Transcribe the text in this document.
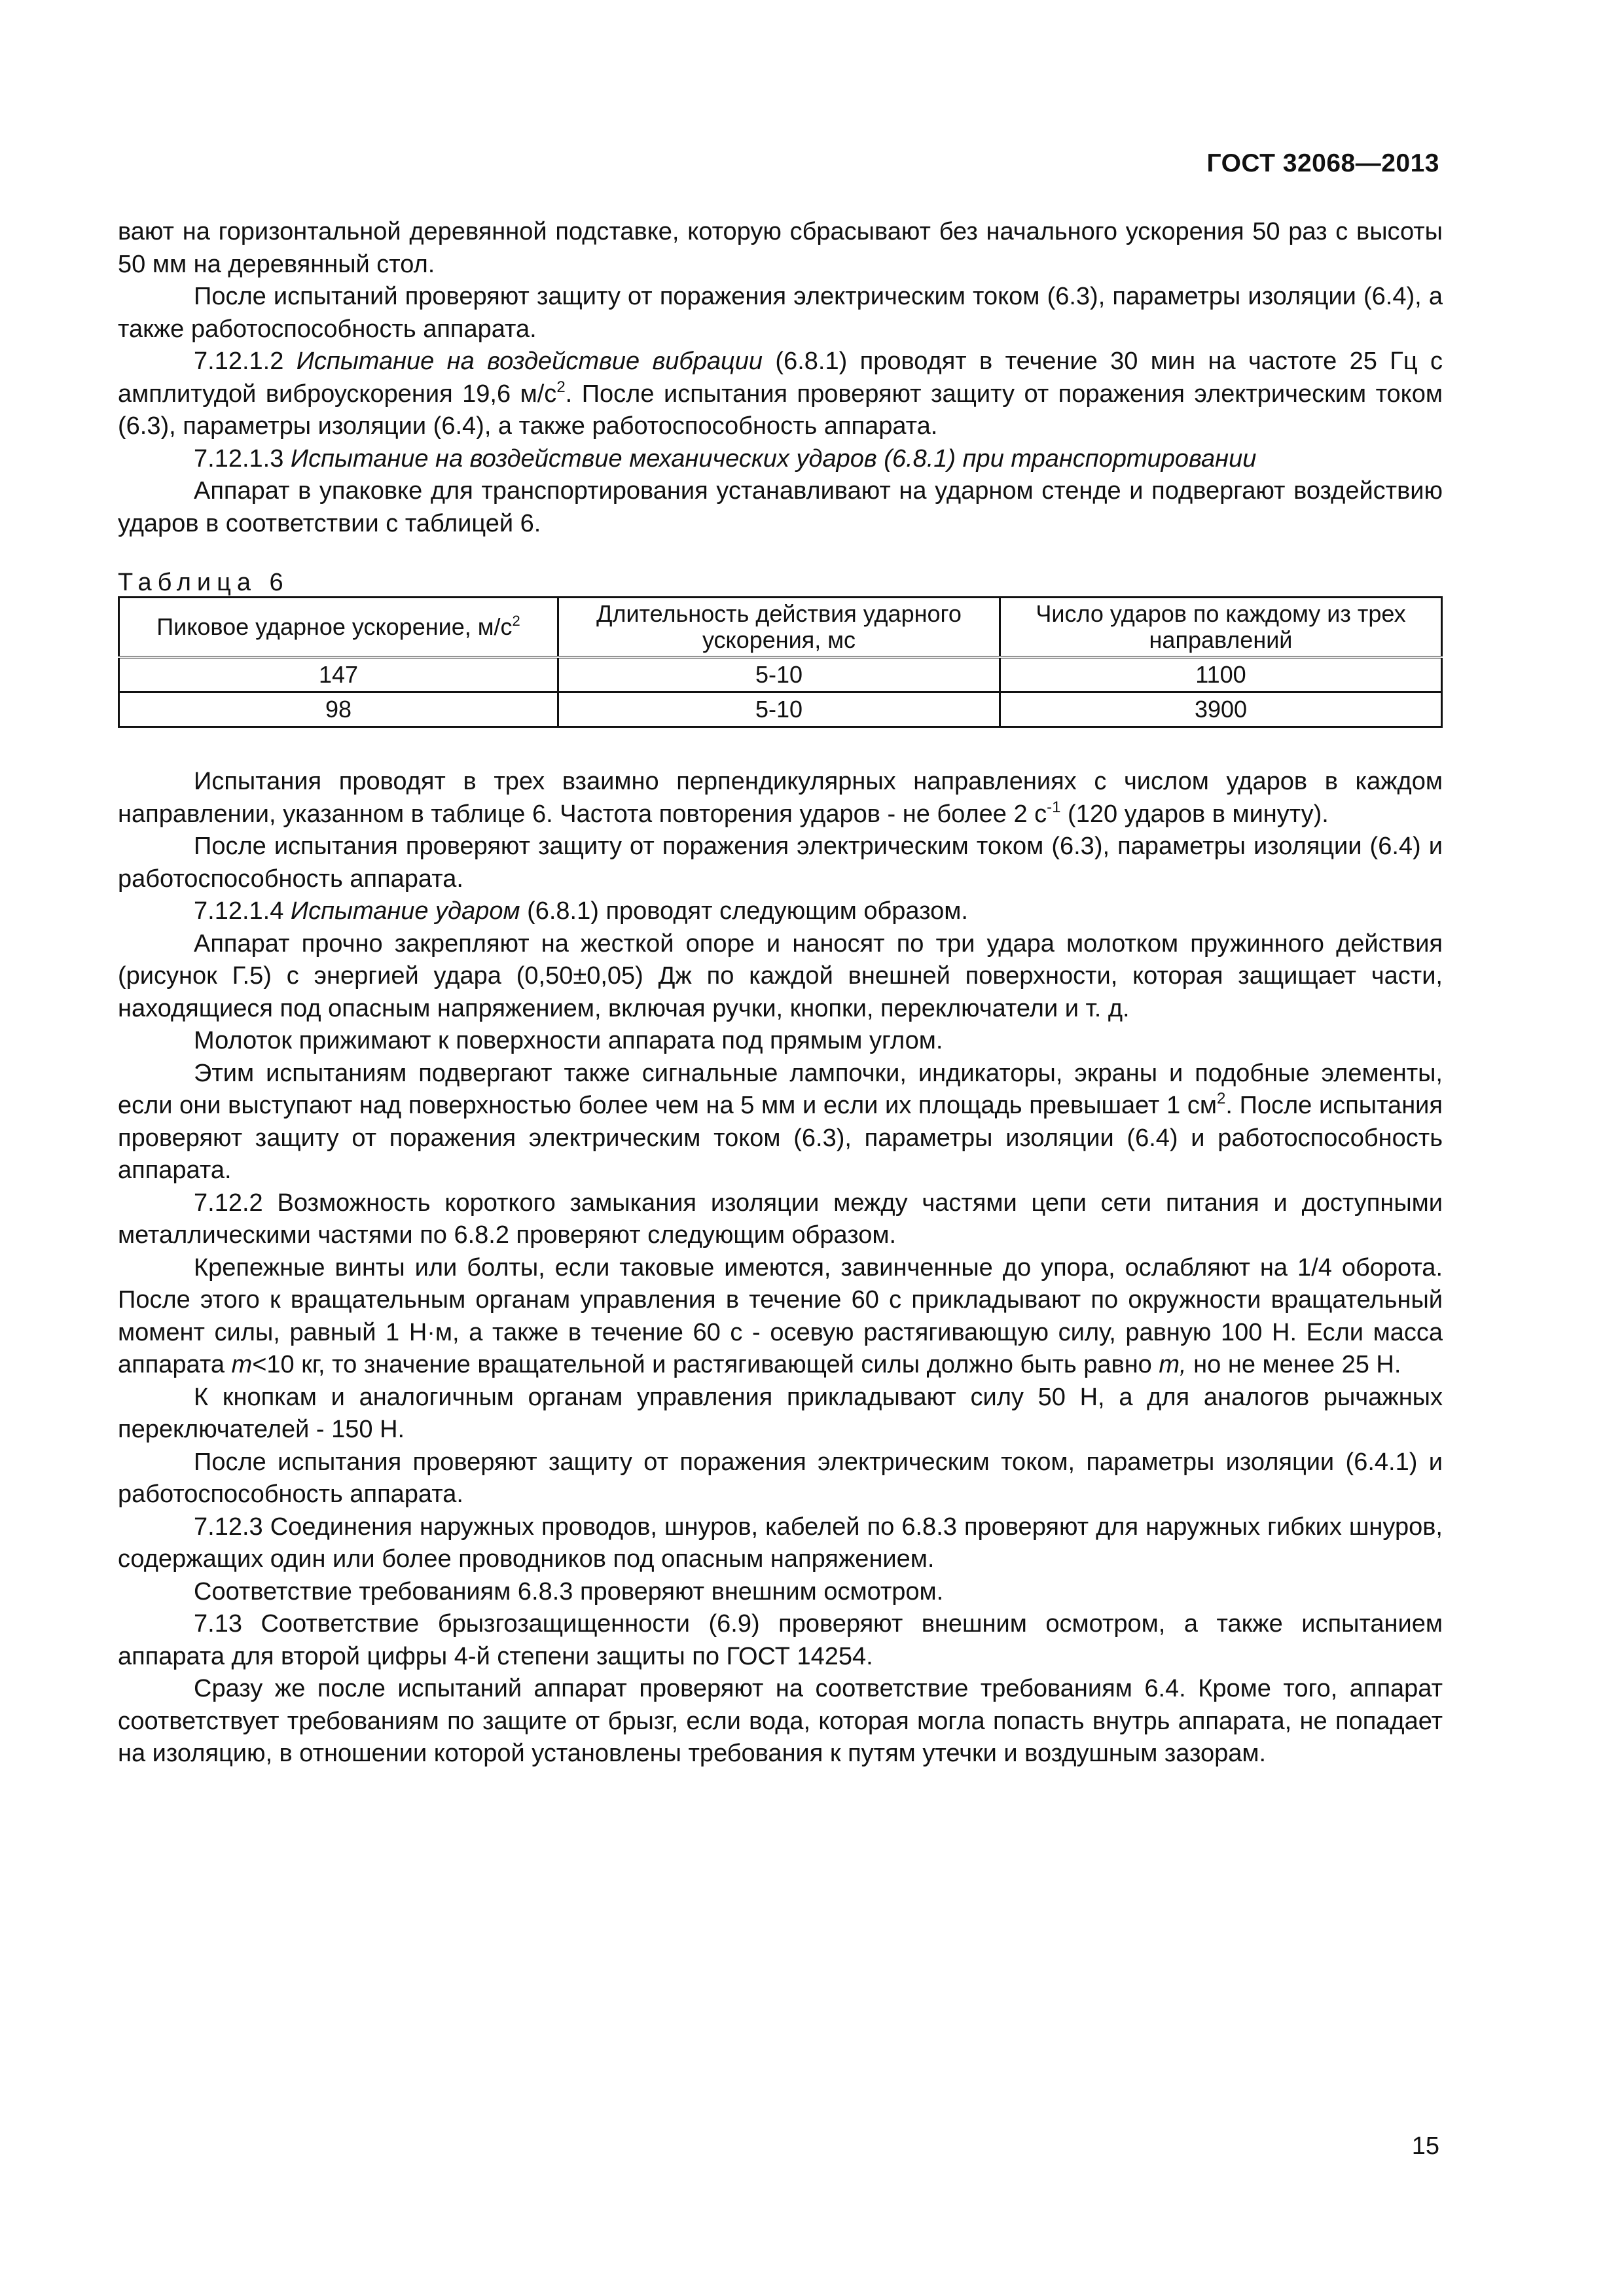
ГОСТ 32068—2013

вают на горизонтальной деревянной подставке, которую сбрасывают без начального ускорения 50 раз с высоты 50 мм на деревянный стол.

После испытаний проверяют защиту от поражения электрическим током (6.3), параметры изоляции (6.4), а также работоспособность аппарата.

7.12.1.2 Испытание на воздействие вибрации (6.8.1) проводят в течение 30 мин на частоте 25 Гц с амплитудой виброускорения 19,6 $м/с^2$. После испытания проверяют защиту от поражения электрическим током (6.3), параметры изоляции (6.4), а также работоспособность аппарата.

7.12.1.3 Испытание на воздействие механических ударов (6.8.1) при транспортировании

Аппарат в упаковке для транспортирования устанавливают на ударном стенде и подвергают воздействию ударов в соответствии с таблицей 6.

Таблица 6
Пиковое ударное ускорение, $м/с^2$	Длительность действия ударного ускорения, мс	Число ударов по каждому из трех направлений
147	5-10	1100
98	5-10	3900

Испытания проводят в трех взаимно перпендикулярных направлениях с числом ударов в каждом направлении, указанном в таблице 6. Частота повторения ударов - не более 2 $с^{-1}$ (120 ударов в минуту).

После испытания проверяют защиту от поражения электрическим током (6.3), параметры изоляции (6.4) и работоспособность аппарата.

7.12.1.4 Испытание ударом (6.8.1) проводят следующим образом.

Аппарат прочно закрепляют на жесткой опоре и наносят по три удара молотком пружинного действия (рисунок Г.5) с энергией удара (0,50±0,05) Дж по каждой внешней поверхности, которая защищает части, находящиеся под опасным напряжением, включая ручки, кнопки, переключатели и т. д.

Молоток прижимают к поверхности аппарата под прямым углом.

Этим испытаниям подвергают также сигнальные лампочки, индикаторы, экраны и подобные элементы, если они выступают над поверхностью более чем на 5 мм и если их площадь превышает 1 $см^2$. После испытания проверяют защиту от поражения электрическим током (6.3), параметры изоляции (6.4) и работоспособность аппарата.

7.12.2 Возможность короткого замыкания изоляции между частями цепи сети питания и доступными металлическими частями по 6.8.2 проверяют следующим образом.

Крепежные винты или болты, если таковые имеются, завинченные до упора, ослабляют на 1/4 оборота. После этого к вращательным органам управления в течение 60 с прикладывают по окружности вращательный момент силы, равный 1 Н·м, а также в течение 60 с - осевую растягивающую силу, равную 100 Н. Если масса аппарата m<10 кг, то значение вращательной и растягивающей силы должно быть равно m, но не менее 25 Н.

К кнопкам и аналогичным органам управления прикладывают силу 50 Н, а для аналогов рычажных переключателей - 150 Н.

После испытания проверяют защиту от поражения электрическим током, параметры изоляции (6.4.1) и работоспособность аппарата.

7.12.3 Соединения наружных проводов, шнуров, кабелей по 6.8.3 проверяют для наружных гибких шнуров, содержащих один или более проводников под опасным напряжением.

Соответствие требованиям 6.8.3 проверяют внешним осмотром.

7.13 Соответствие брызгозащищенности (6.9) проверяют внешним осмотром, а также испытанием аппарата для второй цифры 4-й степени защиты по ГОСТ 14254.

Сразу же после испытаний аппарат проверяют на соответствие требованиям 6.4. Кроме того, аппарат соответствует требованиям по защите от брызг, если вода, которая могла попасть внутрь аппарата, не попадает на изоляцию, в отношении которой установлены требования к путям утечки и воздушным зазорам.

15
